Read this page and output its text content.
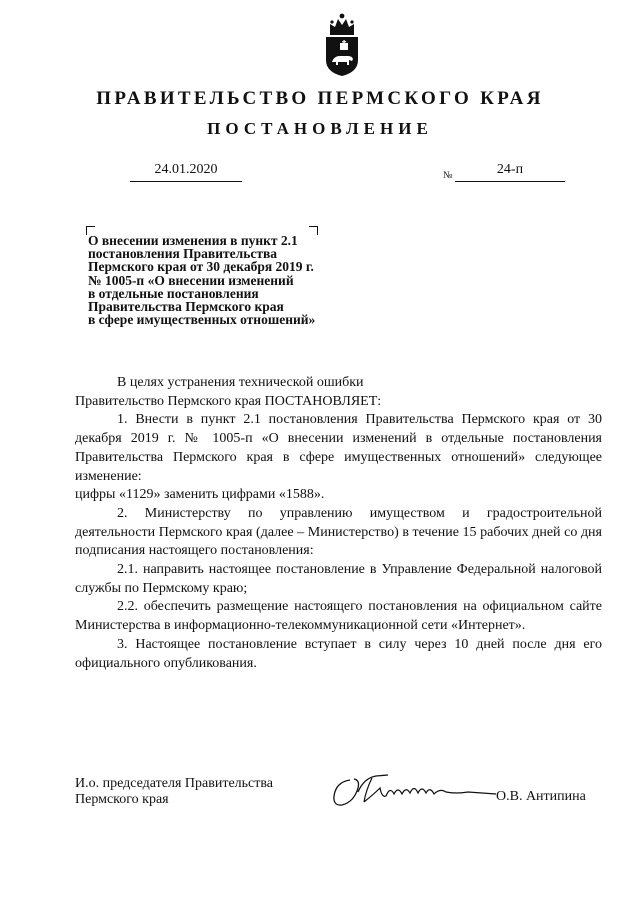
ПРАВИТЕЛЬСТВО ПЕРМСКОГО КРАЯ
ПОСТАНОВЛЕНИЕ
24.01.2020	№	24-п
О внесении изменения в пункт 2.1
постановления Правительства
Пермского края от 30 декабря 2019 г.
№ 1005-п «О внесении изменений
в отдельные постановления
Правительства Пермского края
в сфере имущественных отношений»

В целях устранения технической ошибки

Правительство Пермского края ПОСТАНОВЛЯЕТ:

1. Внести в пункт 2.1 постановления Правительства Пермского края от 30 декабря 2019 г. № 1005-п «О внесении изменений в отдельные постановления Правительства Пермского края в сфере имущественных отношений» следующее изменение:

цифры «1129» заменить цифрами «1588».

2. Министерству по управлению имуществом и градостроительной деятельности Пермского края (далее – Министерство) в течение 15 рабочих дней со дня подписания настоящего постановления:

2.1. направить настоящее постановление в Управление Федеральной налоговой службы по Пермскому краю;

2.2. обеспечить размещение настоящего постановления на официальном сайте Министерства в информационно-телекоммуникационной сети «Интернет».

3. Настоящее постановление вступает в силу через 10 дней после дня его официального опубликования.

И.о. председателя Правительства
Пермского края	О.В. Антипина
